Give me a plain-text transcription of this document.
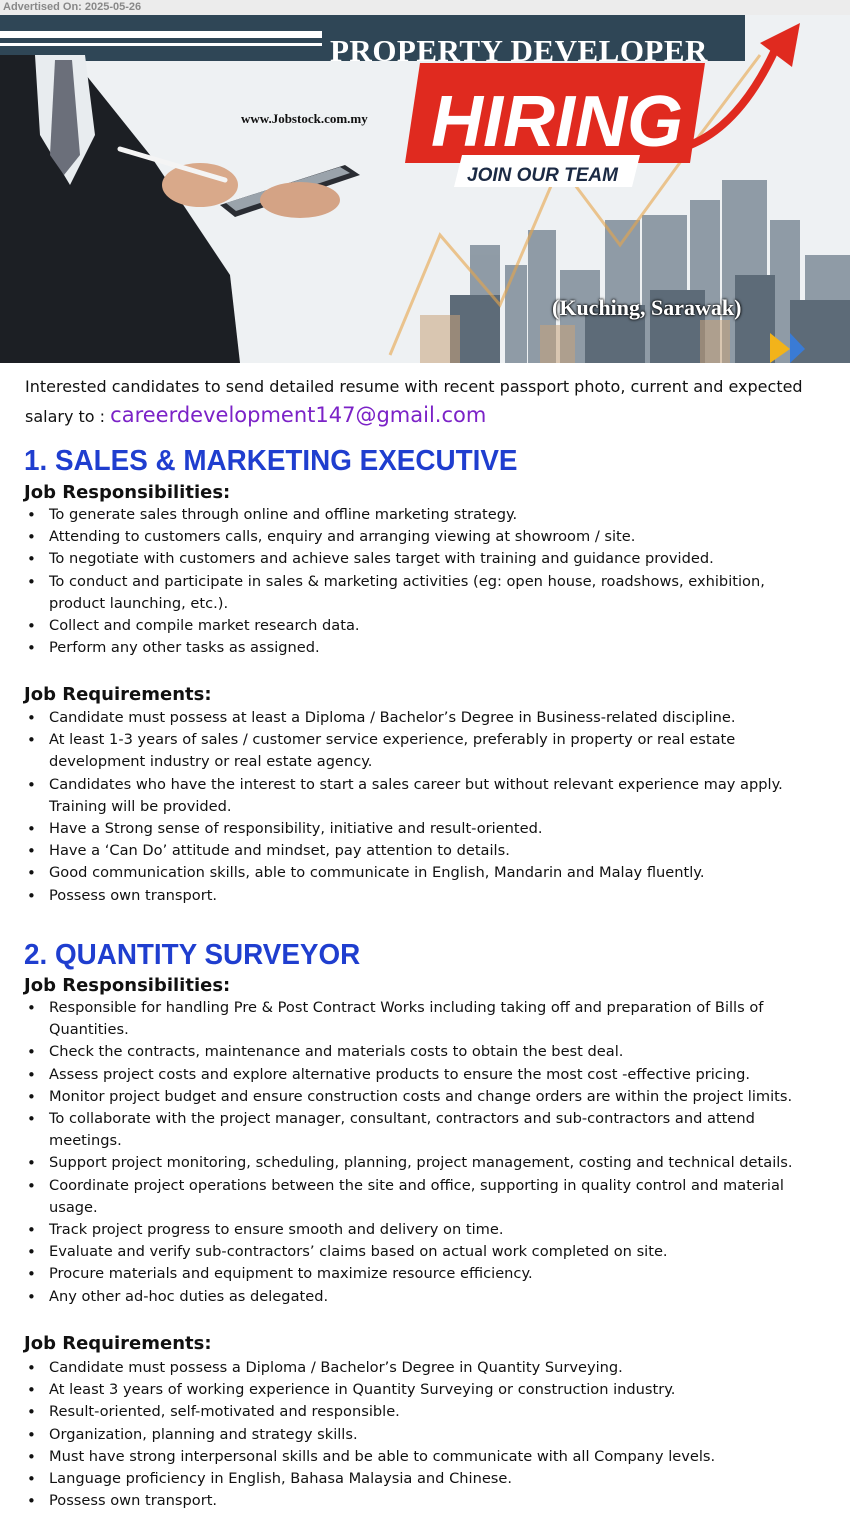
Advertised On: 2025-05-26
PROPERTY DEVELOPER
www.Jobstock.com.my HIRING
JOIN OUR TEAM
(Kuching, Sarawak)
Interested candidates to send detailed resume with recent passport photo, current and expected salary to : careerdevelopment147@gmail.com
1. SALES & MARKETING EXECUTIVE
Job Responsibilities:
• To generate sales through online and offline marketing strategy.
• Attending to customers calls, enquiry and arranging viewing at showroom / site.
• To negotiate with customers and achieve sales target with training and guidance provided.
• To conduct and participate in sales & marketing activities (eg: open house, roadshows, exhibition, product launching, etc.).
• Collect and compile market research data.
• Perform any other tasks as assigned.
Job Requirements:
• Candidate must possess at least a Diploma / Bachelor’s Degree in Business-related discipline.
• At least 1-3 years of sales / customer service experience, preferably in property or real estate development industry or real estate agency.
• Candidates who have the interest to start a sales career but without relevant experience may apply. Training will be provided.
• Have a Strong sense of responsibility, initiative and result-oriented.
• Have a ‘Can Do’ attitude and mindset, pay attention to details.
• Good communication skills, able to communicate in English, Mandarin and Malay fluently.
• Possess own transport.
2. QUANTITY SURVEYOR
Job Responsibilities:
• Responsible for handling Pre & Post Contract Works including taking off and preparation of Bills of Quantities.
• Check the contracts, maintenance and materials costs to obtain the best deal.
• Assess project costs and explore alternative products to ensure the most cost -effective pricing.
• Monitor project budget and ensure construction costs and change orders are within the project limits.
• To collaborate with the project manager, consultant, contractors and sub-contractors and attend meetings.
• Support project monitoring, scheduling, planning, project management, costing and technical details.
• Coordinate project operations between the site and office, supporting in quality control and material usage.
• Track project progress to ensure smooth and delivery on time.
• Evaluate and verify sub-contractors’ claims based on actual work completed on site.
• Procure materials and equipment to maximize resource efficiency.
• Any other ad-hoc duties as delegated.
Job Requirements:
• Candidate must possess a Diploma / Bachelor’s Degree in Quantity Surveying.
• At least 3 years of working experience in Quantity Surveying or construction industry.
• Result-oriented, self-motivated and responsible.
• Organization, planning and strategy skills.
• Must have strong interpersonal skills and be able to communicate with all Company levels.
• Language proficiency in English, Bahasa Malaysia and Chinese.
• Possess own transport.
